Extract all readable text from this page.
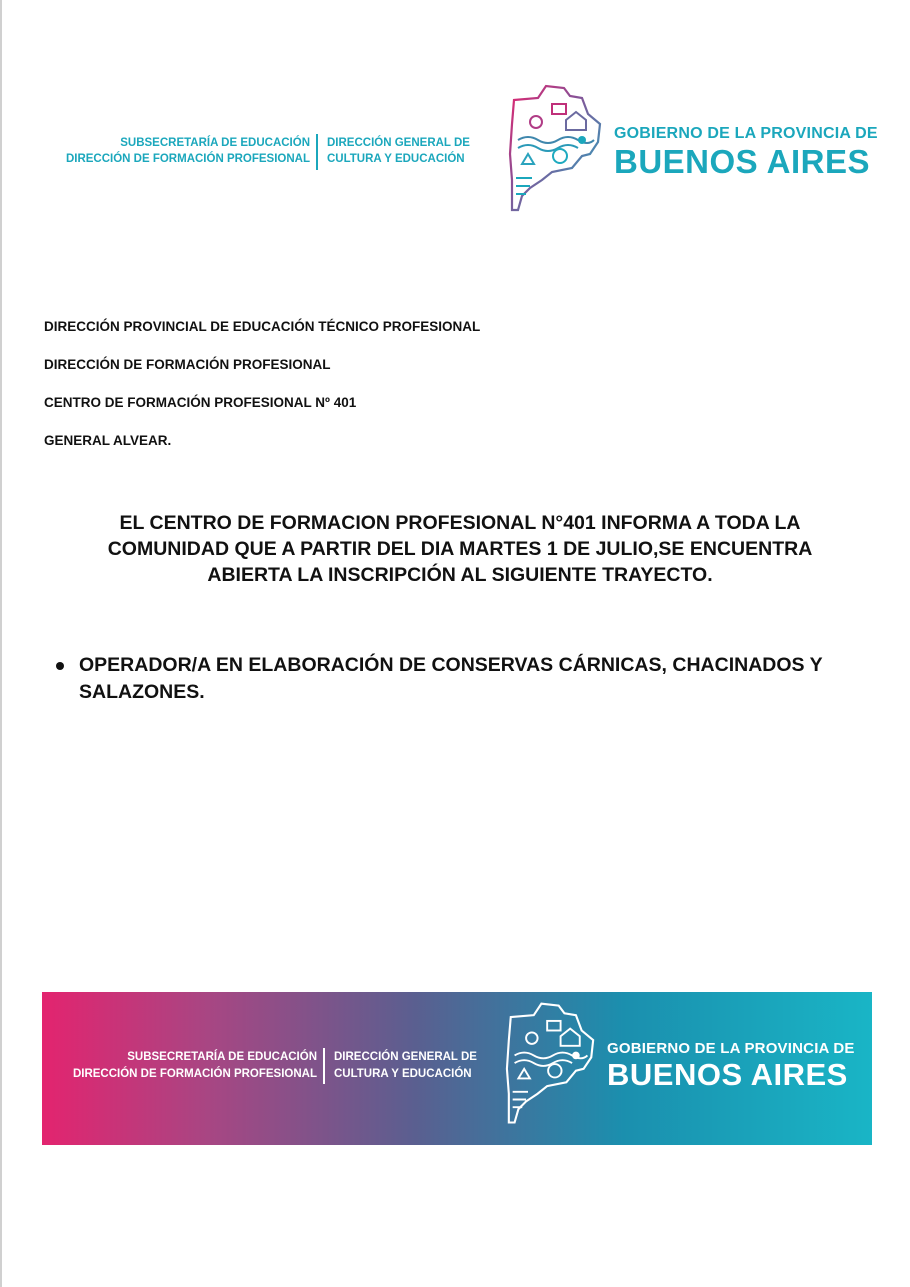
SUBSECRETARÍA DE EDUCACIÓN
DIRECCIÓN DE FORMACIÓN PROFESIONAL
DIRECCIÓN GENERAL DE
CULTURA Y EDUCACIÓN
GOBIERNO DE LA PROVINCIA DE
BUENOS AIRES
DIRECCIÓN PROVINCIAL DE EDUCACIÓN TÉCNICO PROFESIONAL
DIRECCIÓN DE FORMACIÓN PROFESIONAL
CENTRO DE FORMACIÓN PROFESIONAL Nº 401
GENERAL ALVEAR.
EL CENTRO DE FORMACION PROFESIONAL N°401 INFORMA A TODA LA
COMUNIDAD QUE A PARTIR DEL DIA MARTES 1 DE JULIO,SE ENCUENTRA
ABIERTA LA INSCRIPCIÓN AL SIGUIENTE TRAYECTO.
OPERADOR/A EN ELABORACIÓN DE CONSERVAS CÁRNICAS, CHACINADOS Y
SALAZONES.
SUBSECRETARÍA DE EDUCACIÓN
DIRECCIÓN DE FORMACIÓN PROFESIONAL
DIRECCIÓN GENERAL DE
CULTURA Y EDUCACIÓN
GOBIERNO DE LA PROVINCIA DE
BUENOS AIRES
